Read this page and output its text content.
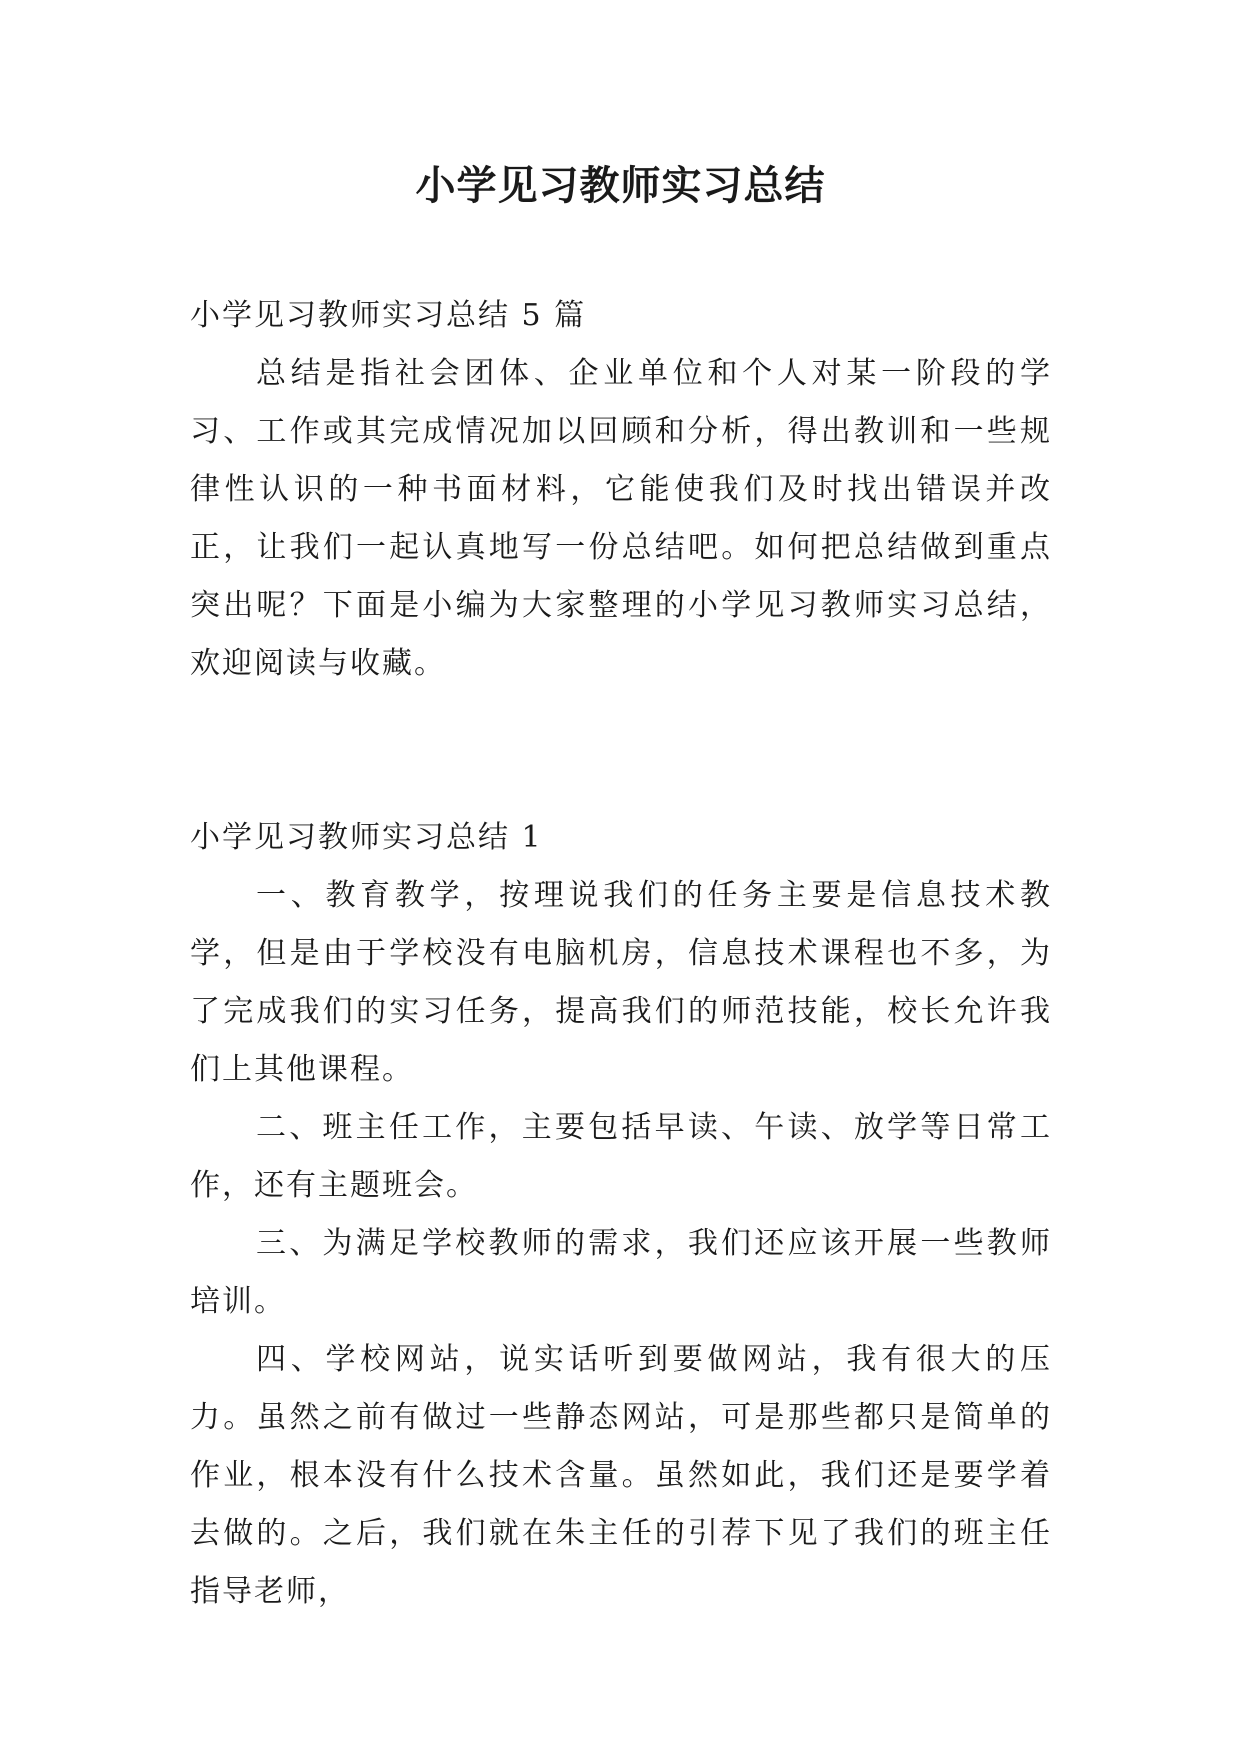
小学见习教师实习总结

小学见习教师实习总结 5 篇

总结是指社会团体、企业单位和个人对某一阶段的学习、工作或其完成情况加以回顾和分析，得出教训和一些规律性认识的一种书面材料，它能使我们及时找出错误并改正，让我们一起认真地写一份总结吧。如何把总结做到重点突出呢？下面是小编为大家整理的小学见习教师实习总结，欢迎阅读与收藏。

小学见习教师实习总结 1

一、教育教学，按理说我们的任务主要是信息技术教学，但是由于学校没有电脑机房，信息技术课程也不多，为了完成我们的实习任务，提高我们的师范技能，校长允许我们上其他课程。

二、班主任工作，主要包括早读、午读、放学等日常工作，还有主题班会。

三、为满足学校教师的需求，我们还应该开展一些教师培训。

四、学校网站，说实话听到要做网站，我有很大的压力。虽然之前有做过一些静态网站，可是那些都只是简单的作业，根本没有什么技术含量。虽然如此，我们还是要学着去做的。之后，我们就在朱主任的引荐下见了我们的班主任指导老师，
